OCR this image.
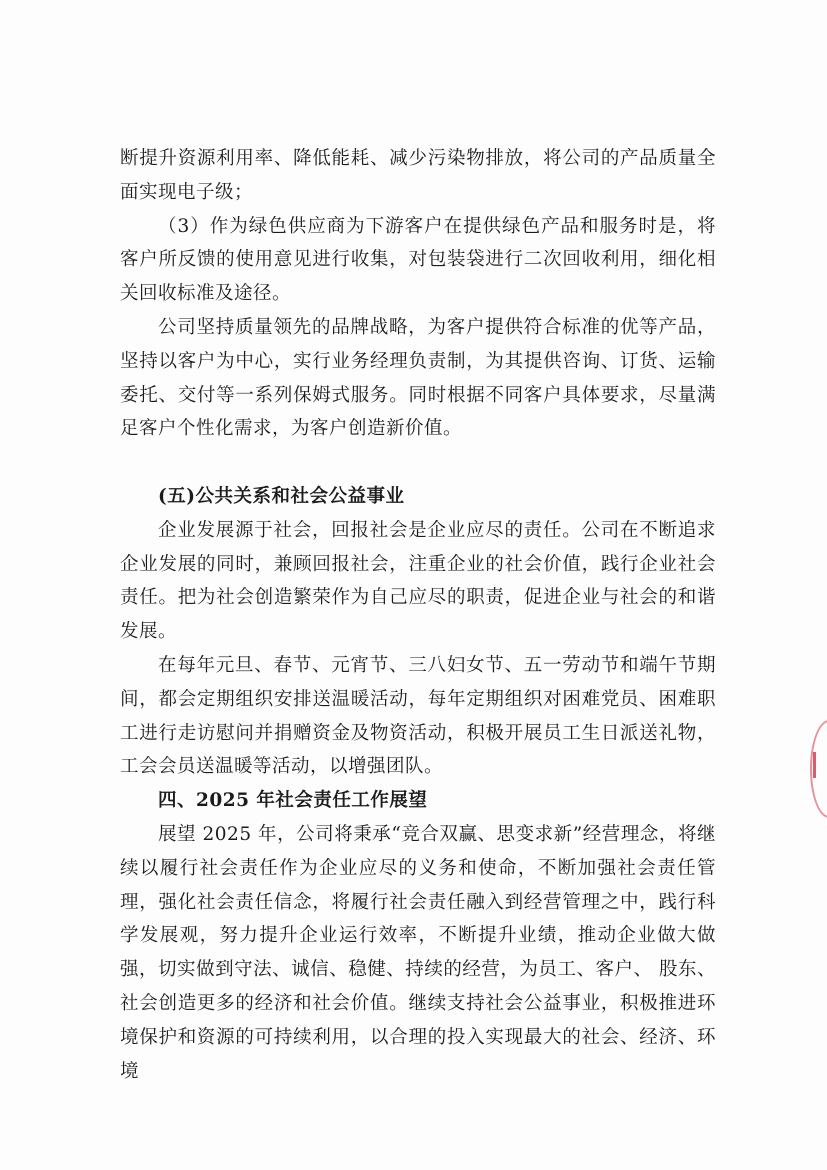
断提升资源利用率、降低能耗、减少污染物排放，将公司的产品质量全面实现电子级；

（3）作为绿色供应商为下游客户在提供绿色产品和服务时是，将客户所反馈的使用意见进行收集，对包装袋进行二次回收利用，细化相关回收标准及途径。

公司坚持质量领先的品牌战略，为客户提供符合标准的优等产品，坚持以客户为中心，实行业务经理负责制，为其提供咨询、订货、运输委托、交付等一系列保姆式服务。同时根据不同客户具体要求，尽量满足客户个性化需求，为客户创造新价值。

(五)公共关系和社会公益事业

企业发展源于社会，回报社会是企业应尽的责任。公司在不断追求企业发展的同时，兼顾回报社会，注重企业的社会价值，践行企业社会责任。把为社会创造繁荣作为自己应尽的职责，促进企业与社会的和谐发展。

在每年元旦、春节、元宵节、三八妇女节、五一劳动节和端午节期间，都会定期组织安排送温暖活动，每年定期组织对困难党员、困难职工进行走访慰问并捐赠资金及物资活动，积极开展员工生日派送礼物，工会会员送温暖等活动，以增强团队。

四、2025 年社会责任工作展望

展望 2025 年，公司将秉承“竞合双赢、思变求新”经营理念，将继续以履行社会责任作为企业应尽的义务和使命，不断加强社会责任管理，强化社会责任信念，将履行社会责任融入到经营管理之中，践行科学发展观，努力提升企业运行效率，不断提升业绩，推动企业做大做强，切实做到守法、诚信、稳健、持续的经营，为员工、客户、 股东、社会创造更多的经济和社会价值。继续支持社会公益事业，积极推进环境保护和资源的可持续利用，以合理的投入实现最大的社会、经济、环境
